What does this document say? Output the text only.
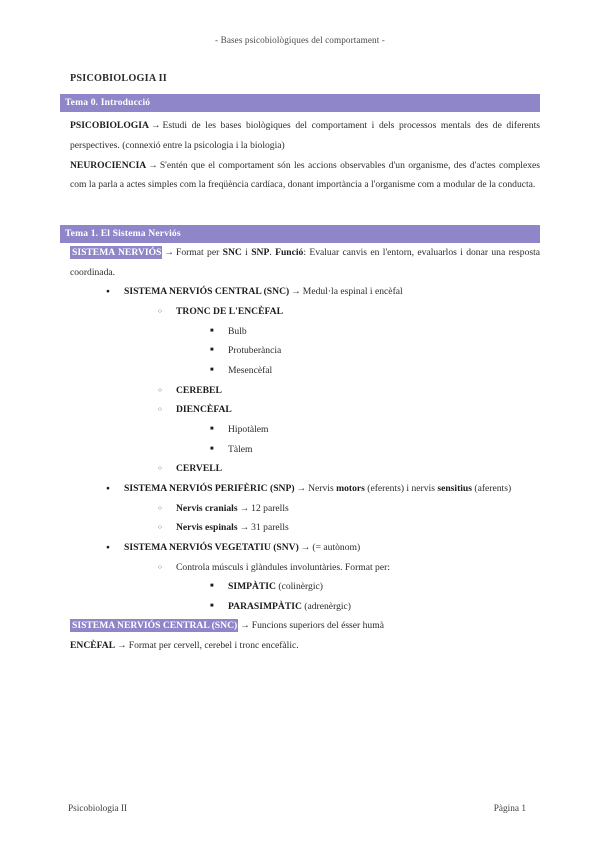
- Bases psicobiològiques del comportament -
PSICOBIOLOGIA II
Tema 0. Introducció

PSICOBIOLOGIA → Estudi de les bases biològiques del comportament i dels processos mentals des de diferents perspectives. (connexió entre la psicologia i la biologia)

NEUROCIENCIA → S'entén que el comportament són les accions observables d'un organisme, des d'actes complexes com la parla a actes simples com la freqüència cardíaca, donant importància a l'organisme com a modular de la conducta.

Tema 1. El Sistema Nerviós

SISTEMA NERVIÓS → Format per SNC i SNP. Funció: Evaluar canvis en l'entorn, evaluarlos i donar una resposta coordinada.

SISTEMA NERVIÓS CENTRAL (SNC) → Medul·la espinal i encèfal
TRONC DE L'ENCÈFAL
Bulb
Protuberància
Mesencèfal
CEREBEL
DIENCÈFAL
Hipotàlem
Tàlem
CERVELL
SISTEMA NERVIÓS PERIFÈRIC (SNP) → Nervis motors (eferents) i nervis sensitius (aferents)
Nervis cranials → 12 parells
Nervis espinals → 31 parells
SISTEMA NERVIÓS VEGETATIU (SNV) → (= autònom)
Controla músculs i glàndules involuntàries. Format per:
SIMPÀTIC (colinèrgic)
PARASIMPÀTIC (adrenèrgic)

SISTEMA NERVIÓS CENTRAL (SNC) → Funcions superiors del ésser humà

ENCÈFAL → Format per cervell, cerebel i tronc encefàlic.

Psicobiologia II	Pàgina 1
